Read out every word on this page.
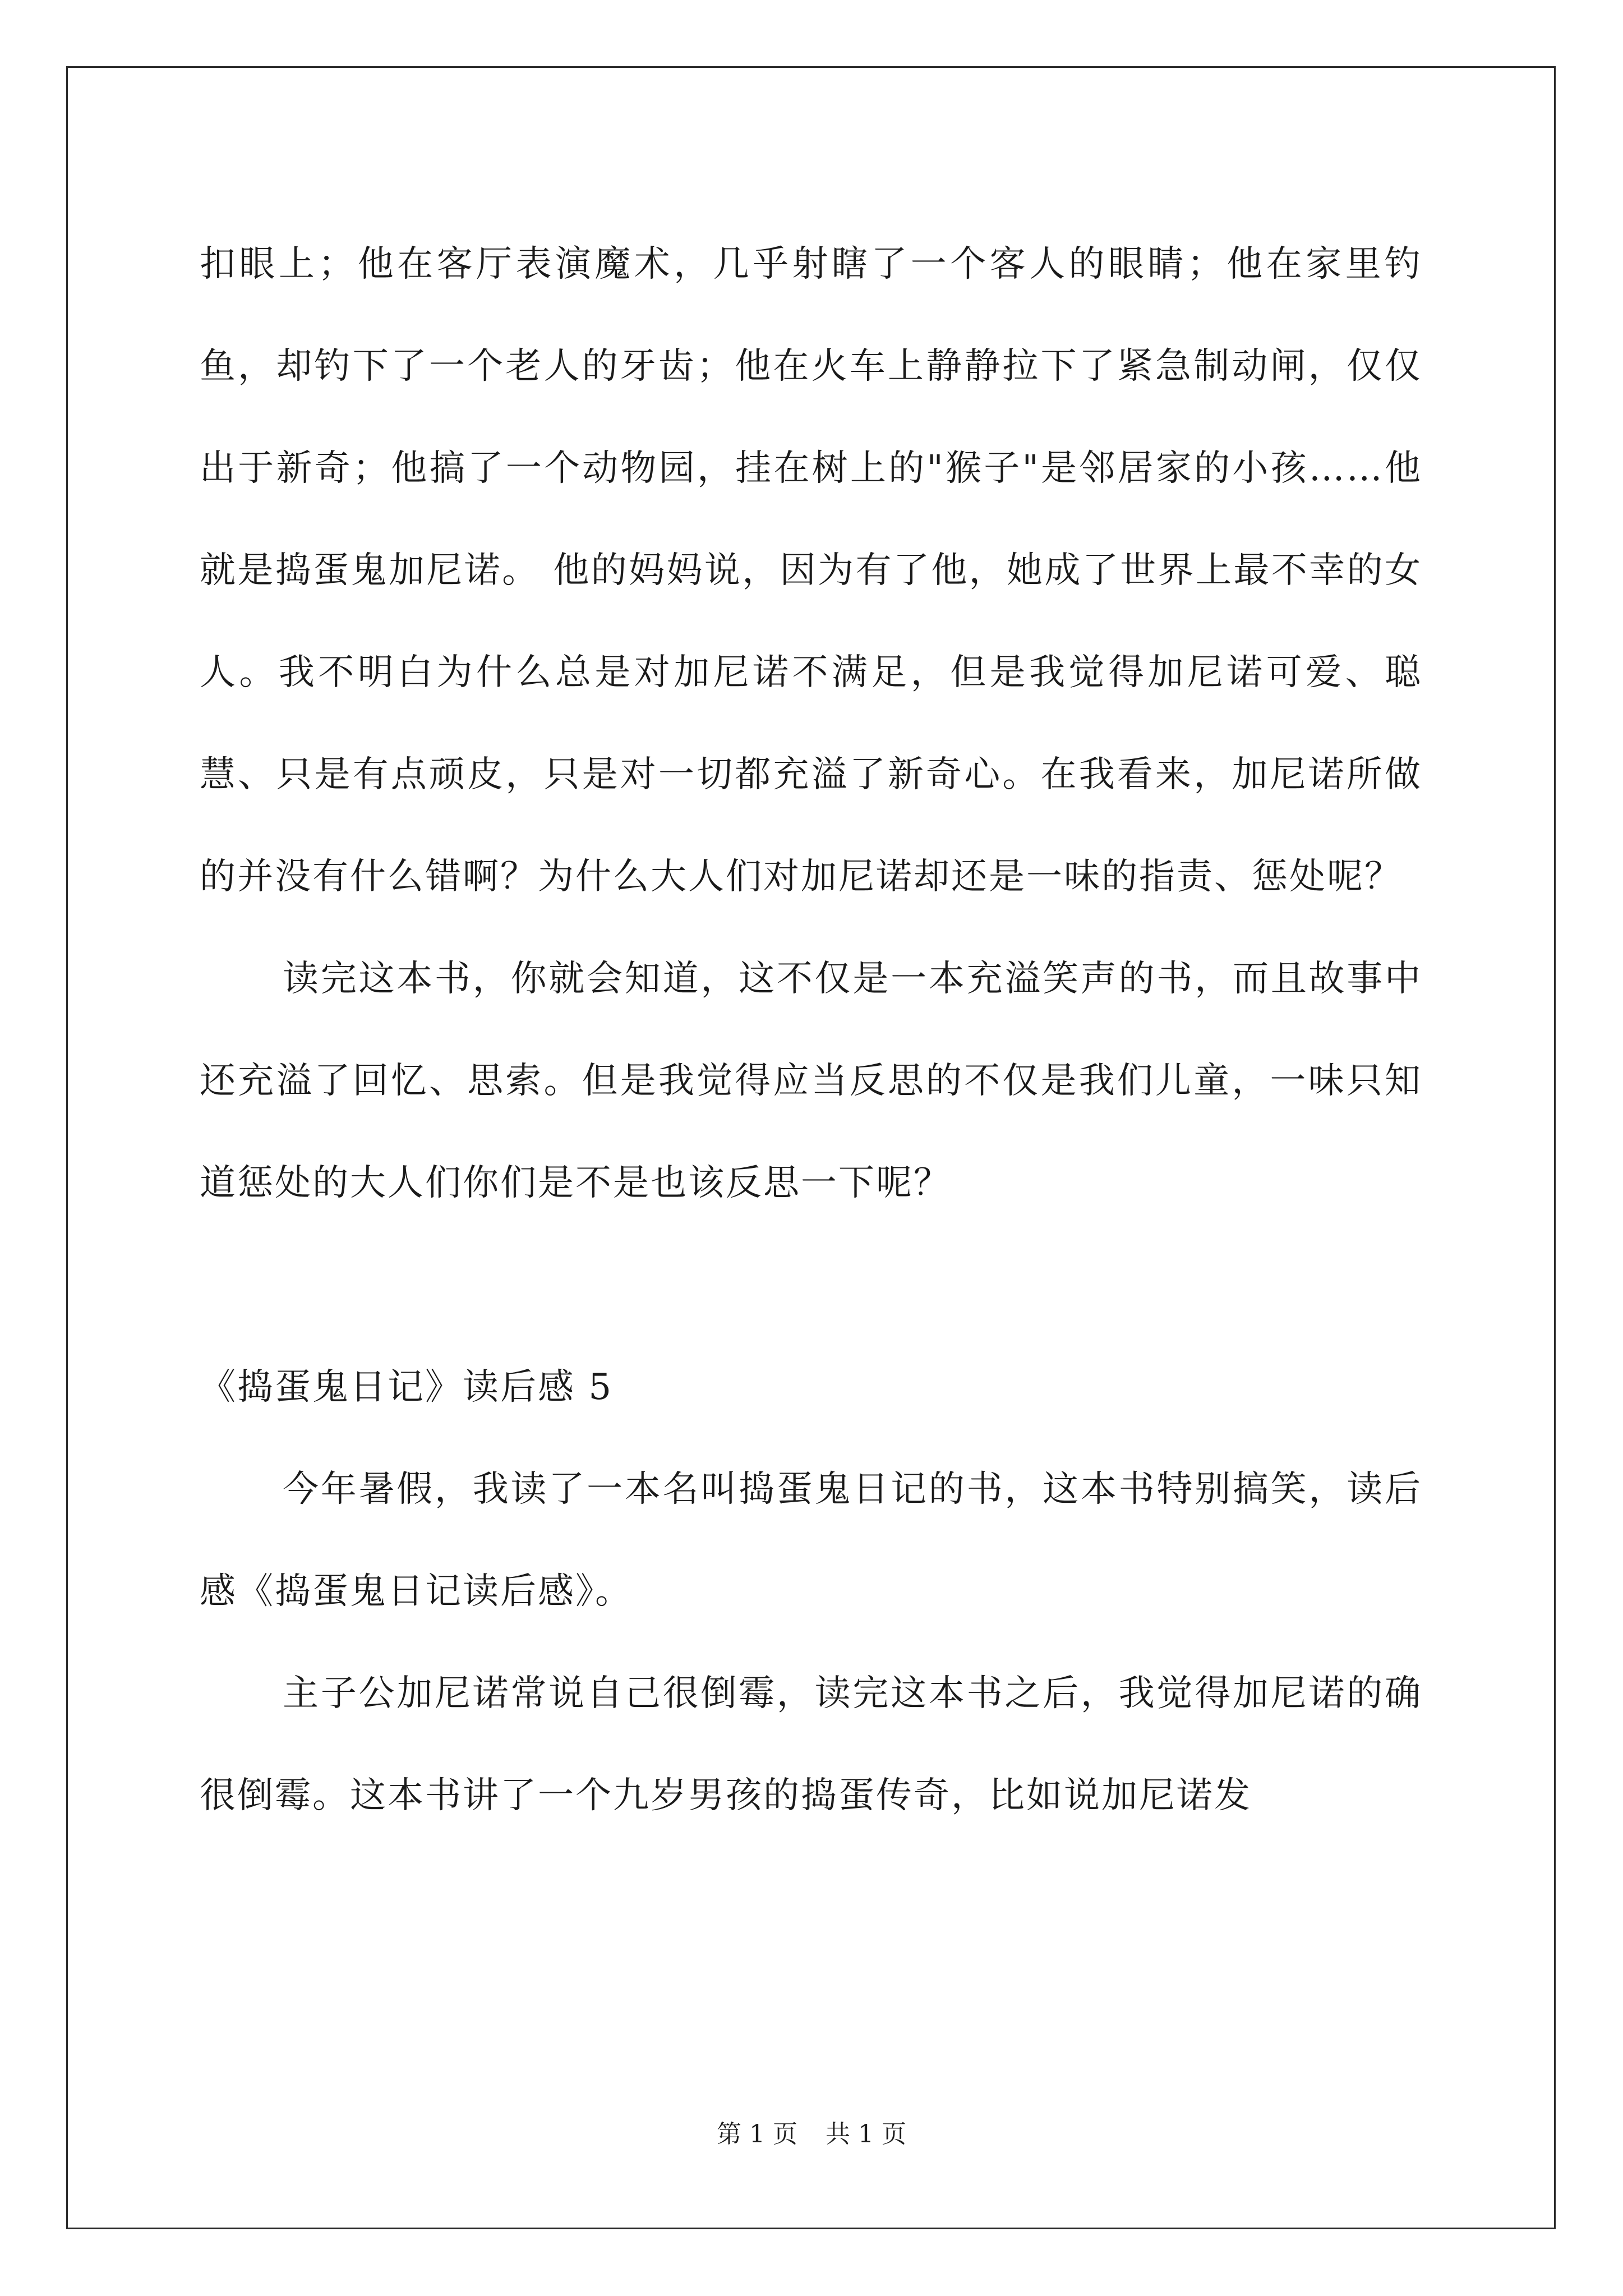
扣眼上；他在客厅表演魔术，几乎射瞎了一个客人的眼睛；他在家里钓鱼，却钓下了一个老人的牙齿；他在火车上静静拉下了紧急制动闸，仅仅出于新奇；他搞了一个动物园，挂在树上的"猴子"是邻居家的小孩……他就是捣蛋鬼加尼诺。 他的妈妈说，因为有了他，她成了世界上最不幸的女人。我不明白为什么总是对加尼诺不满足，但是我觉得加尼诺可爱、聪慧、只是有点顽皮，只是对一切都充溢了新奇心。在我看来，加尼诺所做的并没有什么错啊？为什么大人们对加尼诺却还是一味的指责、惩处呢？

读完这本书，你就会知道，这不仅是一本充溢笑声的书，而且故事中还充溢了回忆、思索。但是我觉得应当反思的不仅是我们儿童，一味只知道惩处的大人们你们是不是也该反思一下呢？

《捣蛋鬼日记》读后感 5

今年暑假，我读了一本名叫捣蛋鬼日记的书，这本书特别搞笑，读后感《捣蛋鬼日记读后感》。

主子公加尼诺常说自己很倒霉，读完这本书之后，我觉得加尼诺的确很倒霉。这本书讲了一个九岁男孩的捣蛋传奇，比如说加尼诺发

第 1 页 共 1 页
